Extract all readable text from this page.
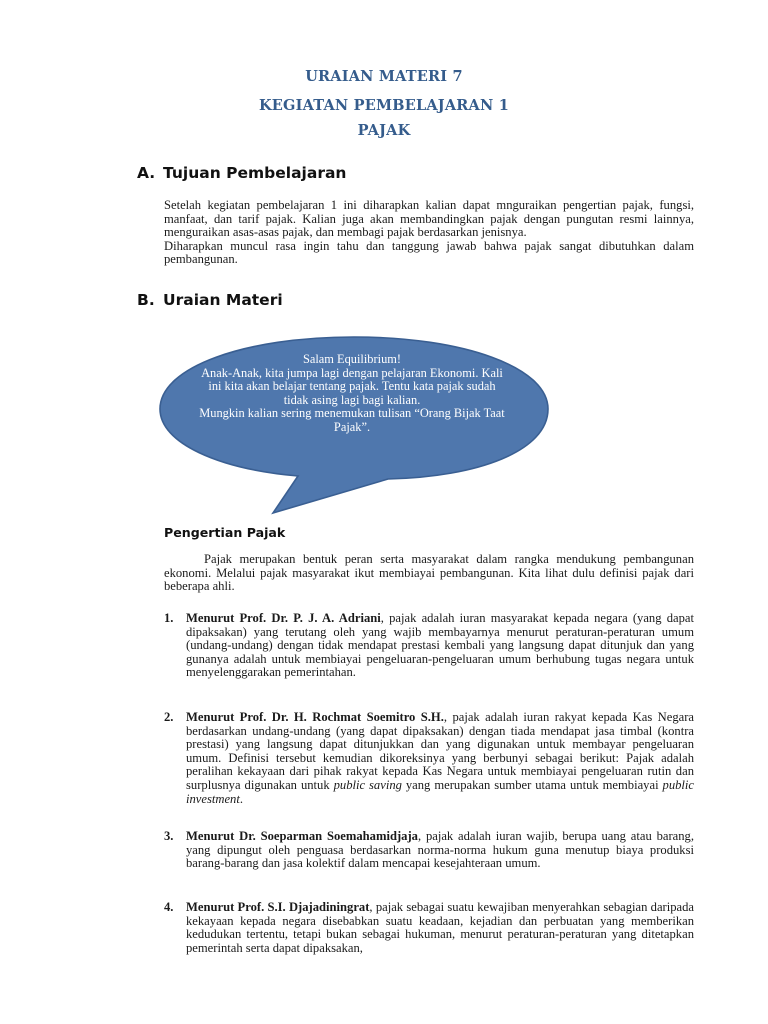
URAIAN MATERI 7
KEGIATAN PEMBELAJARAN 1
PAJAK
A. Tujuan Pembelajaran

Setelah kegiatan pembelajaran 1 ini diharapkan kalian dapat mnguraikan pengertian pajak, fungsi, manfaat, dan tarif pajak. Kalian juga akan membandingkan pajak dengan pungutan resmi lainnya, menguraikan asas-asas pajak, dan membagi pajak berdasarkan jenisnya.

Diharapkan muncul rasa ingin tahu dan tanggung jawab bahwa pajak sangat dibutuhkan dalam pembangunan.

B. Uraian Materi
Salam Equilibrium!
Anak-Anak, kita jumpa lagi dengan pelajaran Ekonomi. Kali
ini kita akan belajar tentang pajak. Tentu kata pajak sudah
tidak asing lagi bagi kalian.
Mungkin kalian sering menemukan tulisan “Orang Bijak Taat
Pajak”.
Pengertian Pajak
Pajak merupakan bentuk peran serta masyarakat dalam rangka mendukung pembangunan ekonomi. Melalui pajak masyarakat ikut membiayai pembangunan. Kita lihat dulu definisi pajak dari beberapa ahli.
1. Menurut Prof. Dr. P. J. A. Adriani, pajak adalah iuran masyarakat kepada negara (yang dapat dipaksakan) yang terutang oleh yang wajib membayarnya menurut peraturan-peraturan umum (undang-undang) dengan tidak mendapat prestasi kembali yang langsung dapat ditunjuk dan yang gunanya adalah untuk membiayai pengeluaran-pengeluaran umum berhubung tugas negara untuk menyelenggarakan pemerintahan.
2. Menurut Prof. Dr. H. Rochmat Soemitro S.H., pajak adalah iuran rakyat kepada Kas Negara berdasarkan undang-undang (yang dapat dipaksakan) dengan tiada mendapat jasa timbal (kontra prestasi) yang langsung dapat ditunjukkan dan yang digunakan untuk membayar pengeluaran umum. Definisi tersebut kemudian dikoreksinya yang berbunyi sebagai berikut: Pajak adalah peralihan kekayaan dari pihak rakyat kepada Kas Negara untuk membiayai pengeluaran rutin dan surplusnya digunakan untuk public saving yang merupakan sumber utama untuk membiayai public investment.
3. Menurut Dr. Soeparman Soemahamidjaja, pajak adalah iuran wajib, berupa uang atau barang, yang dipungut oleh penguasa berdasarkan norma-norma hukum guna menutup biaya produksi barang-barang dan jasa kolektif dalam mencapai kesejahteraan umum.
4. Menurut Prof. S.I. Djajadiningrat, pajak sebagai suatu kewajiban menyerahkan sebagian daripada kekayaan kepada negara disebabkan suatu keadaan, kejadian dan perbuatan yang memberikan kedudukan tertentu, tetapi bukan sebagai hukuman, menurut peraturan-peraturan yang ditetapkan pemerintah serta dapat dipaksakan,
